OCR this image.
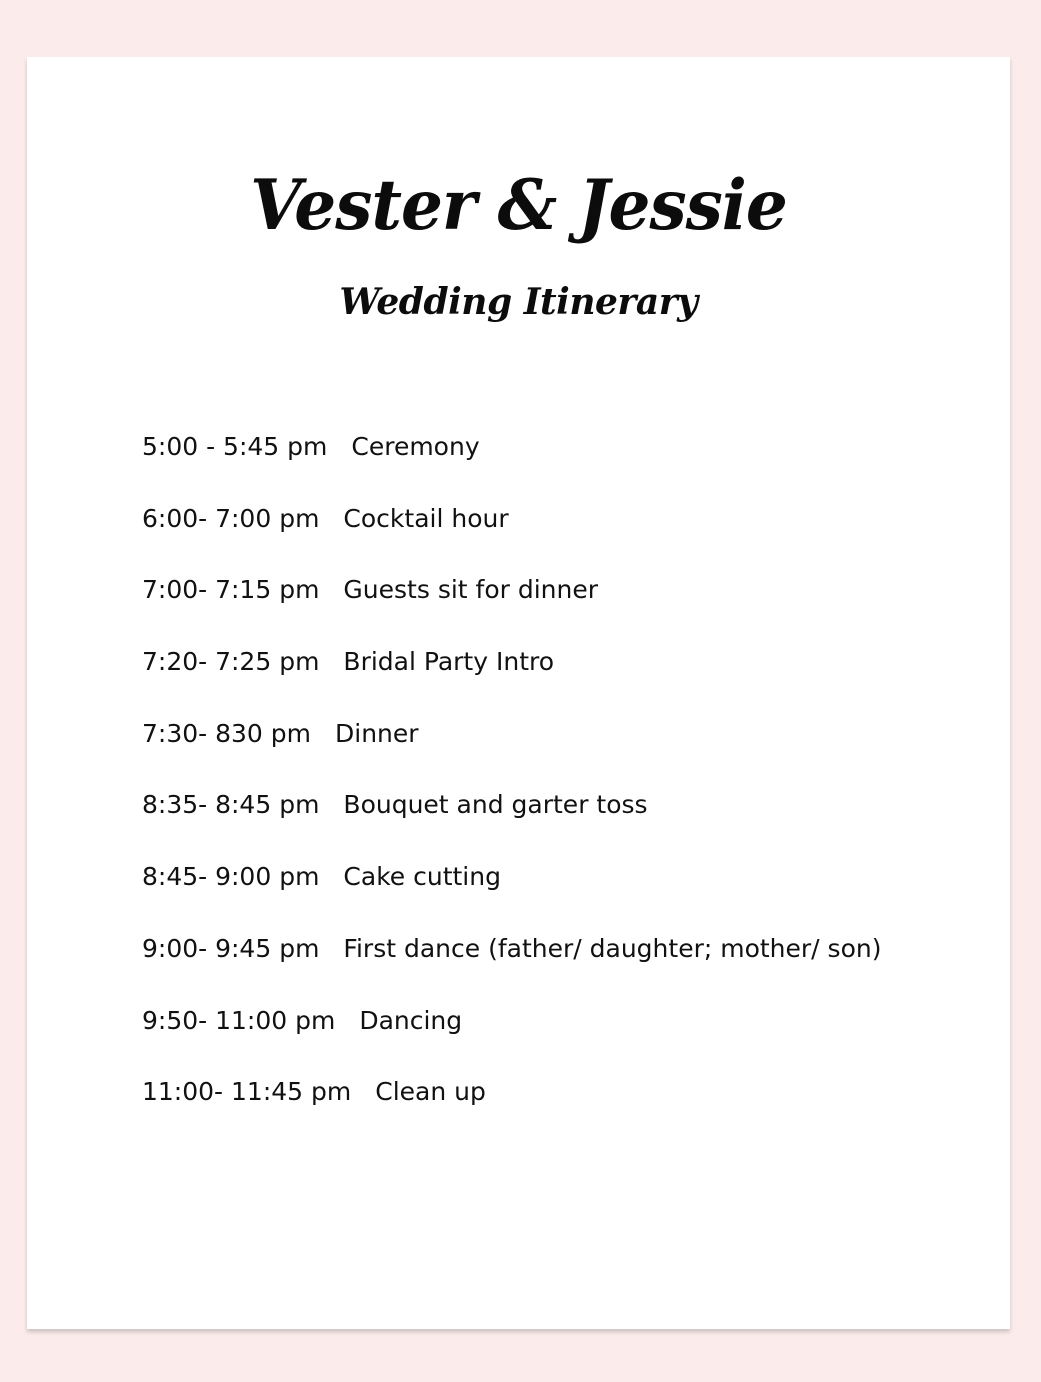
Vester & Jessie
Wedding Itinerary
5:00 - 5:45 pm Ceremony
6:00- 7:00 pm Cocktail hour
7:00- 7:15 pm Guests sit for dinner
7:20- 7:25 pm Bridal Party Intro
7:30- 830 pm Dinner
8:35- 8:45 pm Bouquet and garter toss
8:45- 9:00 pm Cake cutting
9:00- 9:45 pm First dance (father/ daughter; mother/ son)
9:50- 11:00 pm Dancing
11:00- 11:45 pm Clean up
